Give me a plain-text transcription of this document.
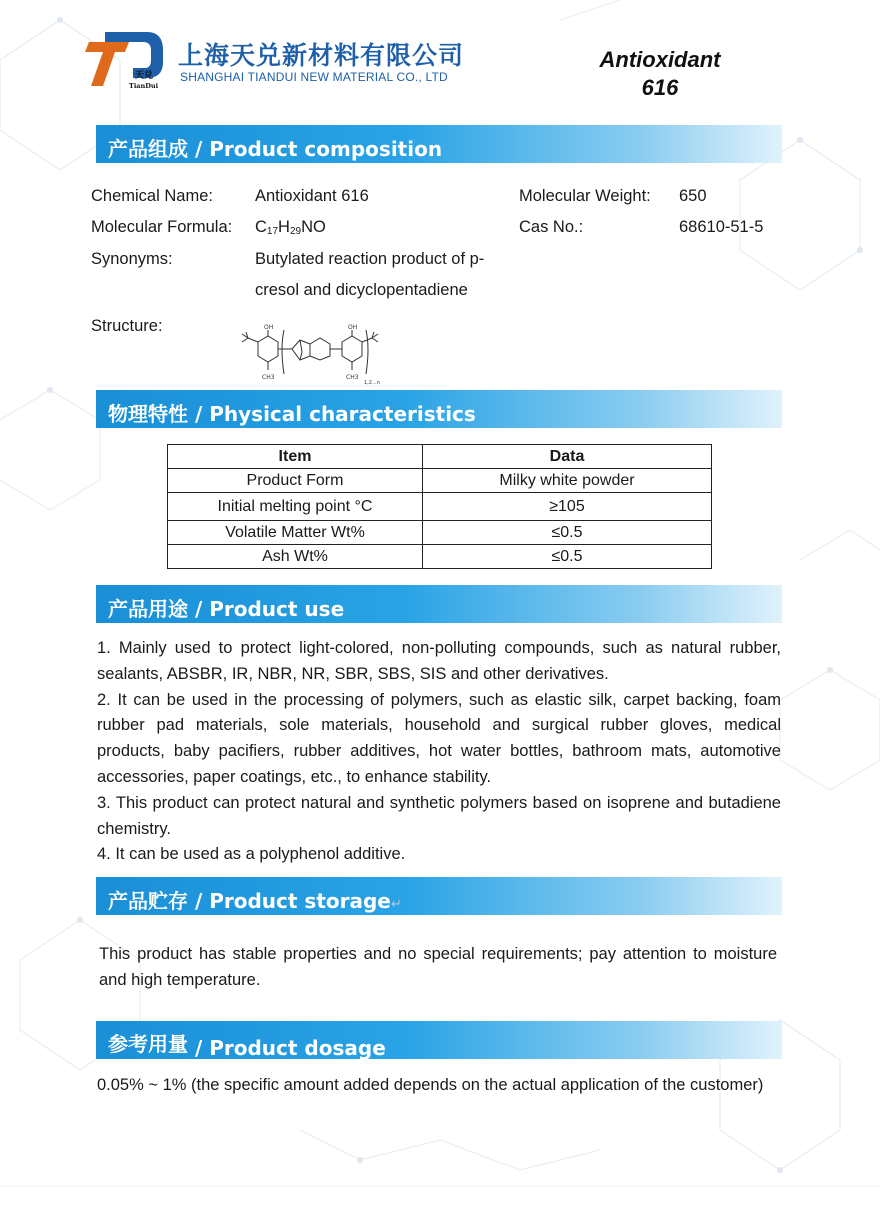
天兑
TianDui
上海天兑新材料有限公司
SHANGHAI TIANDUI NEW MATERIAL CO., LTD
Antioxidant
616
产品组成 / Product composition
Chemical Name:	Antioxidant 616	Molecular Weight: 650
Molecular Formula:	$C_{17}H_{29}NO$	Cas No.:	68610-51-5
Synonyms:	Butylated reaction product of p-
cresol and dicyclopentadiene
Structure:	OH	OH
CH3	CH3
1,2...n
物理特性 / Physical characteristics
Item	Data
Product Form	Milky white powder
Initial melting point °C	≥105
Volatile Matter Wt%	≤0.5
Ash Wt%	≤0.5
产品用途 / Product use

1. Mainly used to protect light-colored, non-polluting compounds, such as natural rubber, sealants, ABSBR, IR, NBR, NR, SBR, SBS, SIS and other derivatives.

2. It can be used in the processing of polymers, such as elastic silk, carpet backing, foam rubber pad materials, sole materials, household and surgical rubber gloves, medical products, baby pacifiers, rubber additives, hot water bottles, bathroom mats, automotive accessories, paper coatings, etc., to enhance stability.

3. This product can protect natural and synthetic polymers based on isoprene and butadiene chemistry.

4. It can be used as a polyphenol additive.

产品贮存 / Product storage↵
This product has stable properties and no special requirements; pay attention to moisture and high temperature.
参考用量 / Product dosage
0.05% ~ 1% (the specific amount added depends on the actual application of the customer)
